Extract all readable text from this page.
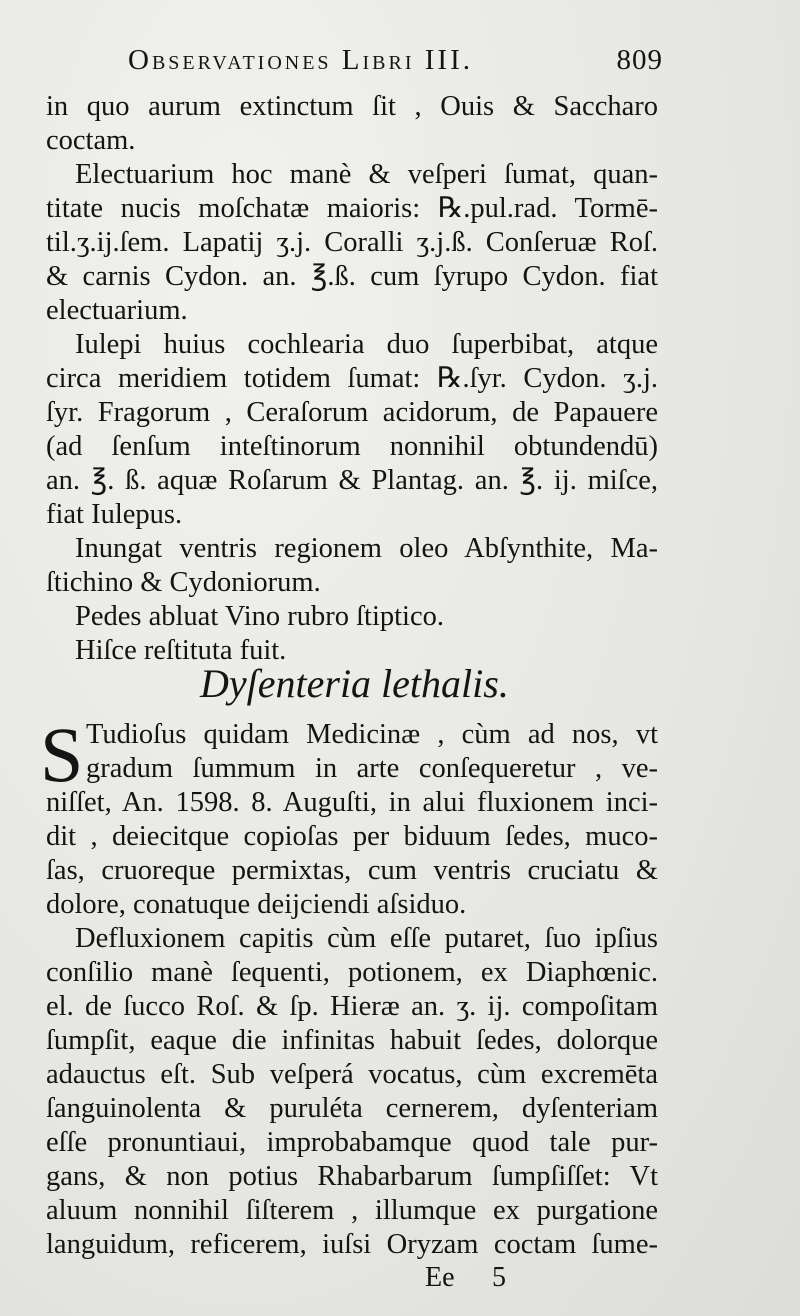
Observationes Libri III.	809
in quo aurum extinctum ſit , Ouis & Saccharo
coctam.
Electuarium hoc manè & veſperi ſumat, quan-
titate nucis moſchatæ maioris: ℞.pul.rad. Tormē-
til.ʒ.ij.ſem. Lapatij ʒ.j. Coralli ʒ.j.ß. Conſeruæ Roſ.
& carnis Cydon. an. ℥.ß. cum ſyrupo Cydon. fiat
electuarium.
Iulepi huius cochlearia duo ſuperbibat, atque
circa meridiem totidem ſumat: ℞.ſyr. Cydon. ʒ.j.
ſyr. Fragorum , Ceraſorum acidorum, de Papauere
(ad ſenſum inteſtinorum nonnihil obtundendū)
an. ℥. ß. aquæ Roſarum & Plantag. an. ℥. ij. miſce,
fiat Iulepus.
Inungat ventris regionem oleo Abſynthite, Ma-
ſtichino & Cydoniorum.
Pedes abluat Vino rubro ſtiptico.
Hiſce reſtituta fuit.
Dyſenteria lethalis.
S Tudioſus quidam Medicinæ , cùm ad nos, vt
gradum ſummum in arte conſequeretur , ve-
niſſet, An. 1598. 8. Auguſti, in alui fluxionem inci-
dit , deiecitque copioſas per biduum ſedes, muco-
ſas, cruoreque permixtas, cum ventris cruciatu &
dolore, conatuque deijciendi aſsiduo.
Defluxionem capitis cùm eſſe putaret, ſuo ipſius
conſilio manè ſequenti, potionem, ex Diaphœnic.
el. de ſucco Roſ. & ſp. Hieræ an. ʒ. ij. compoſitam
ſumpſit, eaque die infinitas habuit ſedes, dolorque
adauctus eſt. Sub veſperá vocatus, cùm excremēta
ſanguinolenta & puruléta cernerem, dyſenteriam
eſſe pronuntiaui, improbabamque quod tale pur-
gans, & non potius Rhabarbarum ſumpſiſſet: Vt
aluum nonnihil ſiſterem , illumque ex purgatione
languidum, reficerem, iuſsi Oryzam coctam ſume-
Ee 5
